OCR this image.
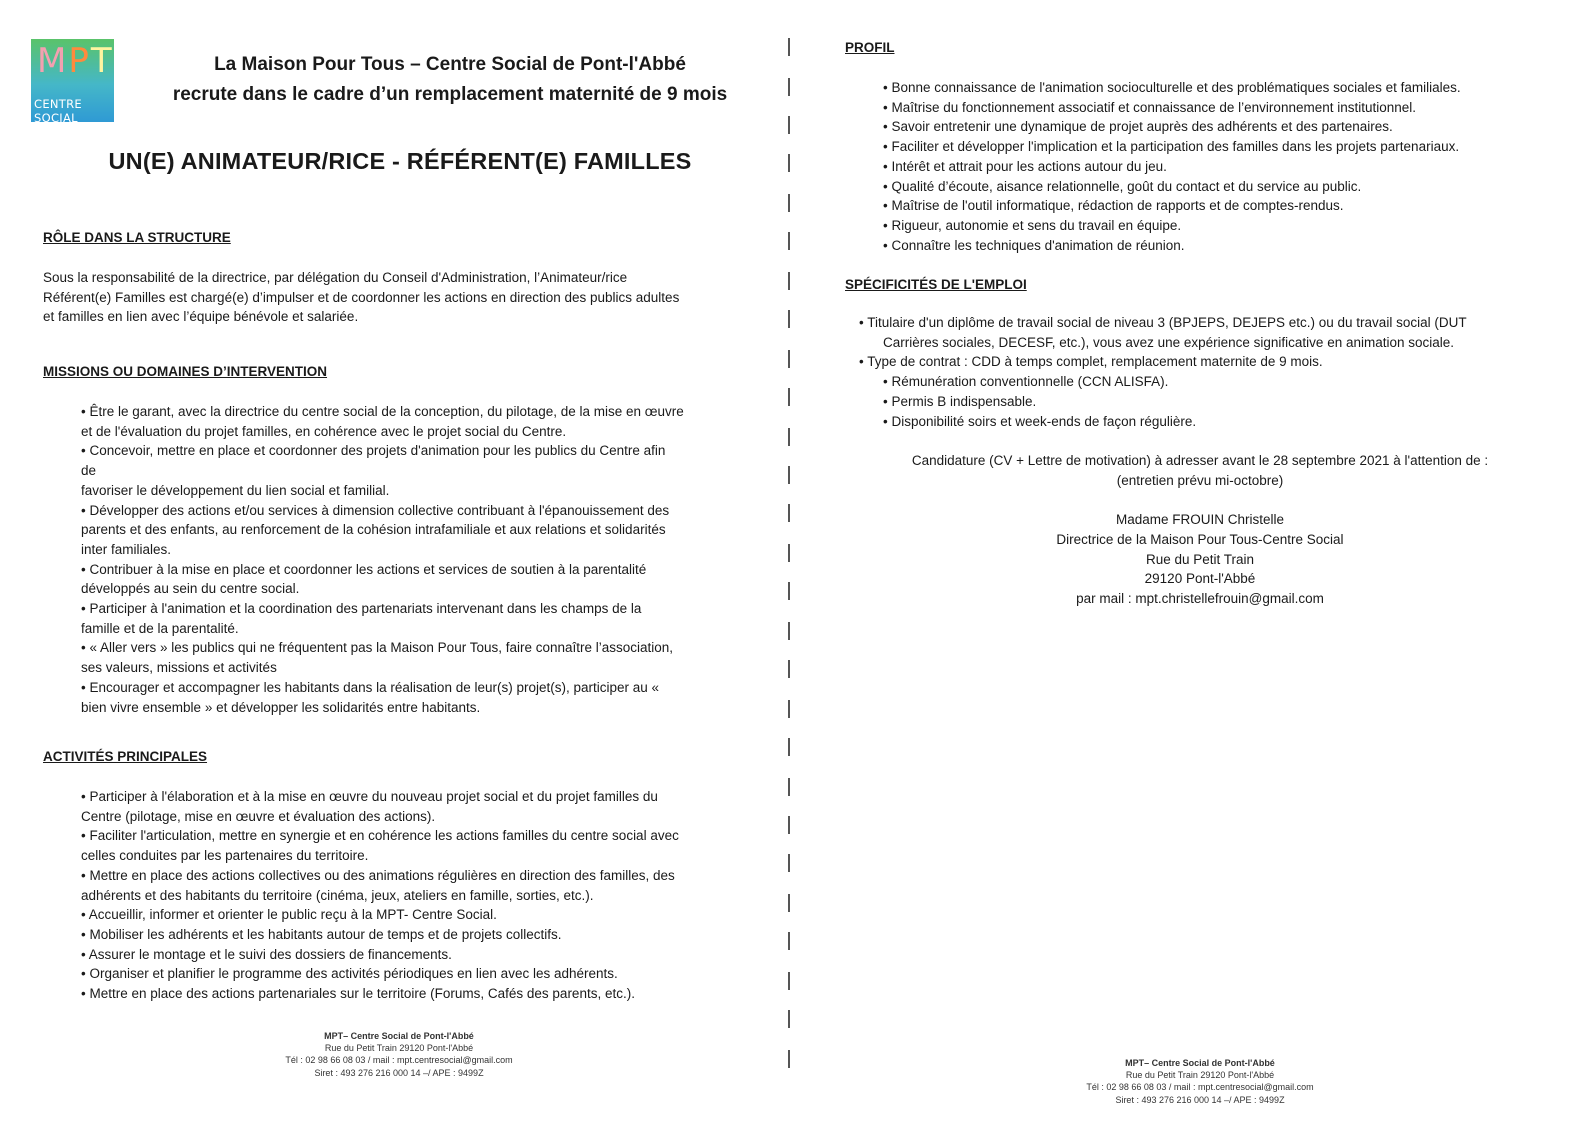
MPT
CENTRE SOCIAL
La Maison Pour Tous – Centre Social de Pont-l'Abbé
recrute dans le cadre d’un remplacement maternité de 9 mois
UN(E) ANIMATEUR/RICE - RÉFÉRENT(E) FAMILLES
RÔLE DANS LA STRUCTURE
Sous la responsabilité de la directrice, par délégation du Conseil d'Administration, l’Animateur/rice
Référent(e) Familles est chargé(e) d’impulser et de coordonner les actions en direction des publics adultes
et familles en lien avec l’équipe bénévole et salariée.
MISSIONS OU DOMAINES D’INTERVENTION
• Être le garant, avec la directrice du centre social de la conception, du pilotage, de la mise en œuvre
et de l'évaluation du projet familles, en cohérence avec le projet social du Centre.
• Concevoir, mettre en place et coordonner des projets d'animation pour les publics du Centre afin
de
favoriser le développement du lien social et familial.
• Développer des actions et/ou services à dimension collective contribuant à l'épanouissement des
parents et des enfants, au renforcement de la cohésion intrafamiliale et aux relations et solidarités
inter familiales.
• Contribuer à la mise en place et coordonner les actions et services de soutien à la parentalité
développés au sein du centre social.
• Participer à l'animation et la coordination des partenariats intervenant dans les champs de la
famille et de la parentalité.
• « Aller vers » les publics qui ne fréquentent pas la Maison Pour Tous, faire connaître l’association,
ses valeurs, missions et activités
• Encourager et accompagner les habitants dans la réalisation de leur(s) projet(s), participer au «
bien vivre ensemble » et développer les solidarités entre habitants.
ACTIVITÉS PRINCIPALES
• Participer à l'élaboration et à la mise en œuvre du nouveau projet social et du projet familles du
Centre (pilotage, mise en œuvre et évaluation des actions).
• Faciliter l'articulation, mettre en synergie et en cohérence les actions familles du centre social avec
celles conduites par les partenaires du territoire.
• Mettre en place des actions collectives ou des animations régulières en direction des familles, des
adhérents et des habitants du territoire (cinéma, jeux, ateliers en famille, sorties, etc.).
• Accueillir, informer et orienter le public reçu à la MPT- Centre Social.
• Mobiliser les adhérents et les habitants autour de temps et de projets collectifs.
• Assurer le montage et le suivi des dossiers de financements.
• Organiser et planifier le programme des activités périodiques en lien avec les adhérents.
• Mettre en place des actions partenariales sur le territoire (Forums, Cafés des parents, etc.).
MPT– Centre Social de Pont-l'Abbé
Rue du Petit Train 29120 Pont-l'Abbé
Tél : 02 98 66 08 03 / mail : mpt.centresocial@gmail.com
Siret : 493 276 216 000 14 –/ APE : 9499Z
PROFIL
• Bonne connaissance de l'animation socioculturelle et des problématiques sociales et familiales.
• Maîtrise du fonctionnement associatif et connaissance de l’environnement institutionnel.
• Savoir entretenir une dynamique de projet auprès des adhérents et des partenaires.
• Faciliter et développer l'implication et la participation des familles dans les projets partenariaux.
• Intérêt et attrait pour les actions autour du jeu.
• Qualité d’écoute, aisance relationnelle, goût du contact et du service au public.
• Maîtrise de l'outil informatique, rédaction de rapports et de comptes-rendus.
• Rigueur, autonomie et sens du travail en équipe.
• Connaître les techniques d'animation de réunion.
SPÉCIFICITÉS DE L'EMPLOI
• Titulaire d'un diplôme de travail social de niveau 3 (BPJEPS, DEJEPS etc.) ou du travail social (DUT
Carrières sociales, DECESF, etc.), vous avez une expérience significative en animation sociale.
• Type de contrat : CDD à temps complet, remplacement maternite de 9 mois.
• Rémunération conventionnelle (CCN ALISFA).
• Permis B indispensable.
• Disponibilité soirs et week-ends de façon régulière.
Candidature (CV + Lettre de motivation) à adresser avant le 28 septembre 2021 à l'attention de :
(entretien prévu mi-octobre)
Madame FROUIN Christelle
Directrice de la Maison Pour Tous-Centre Social
Rue du Petit Train
29120 Pont-l'Abbé
par mail : mpt.christellefrouin@gmail.com
MPT– Centre Social de Pont-l'Abbé
Rue du Petit Train 29120 Pont-l'Abbé
Tél : 02 98 66 08 03 / mail : mpt.centresocial@gmail.com
Siret : 493 276 216 000 14 –/ APE : 9499Z
